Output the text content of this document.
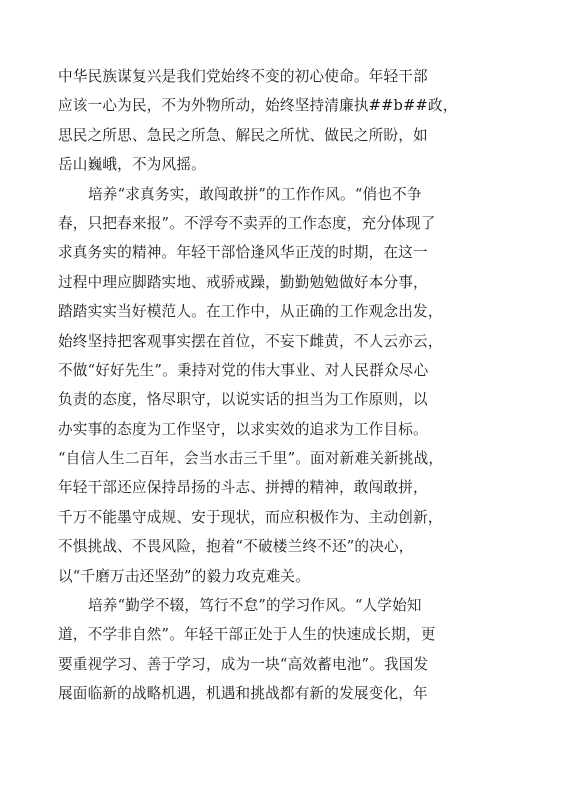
中华民族谋复兴是我们党始终不变的初心使命。年轻干部
应该一心为民，不为外物所动，始终坚持清廉执##b##政，
思民之所思、急民之所急、解民之所忧、做民之所盼，如
岳山巍峨，不为风摇。
培养“求真务实，敢闯敢拼”的工作作风。“俏也不争
春，只把春来报”。不浮夸不卖弄的工作态度，充分体现了
求真务实的精神。年轻干部恰逢风华正茂的时期，在这一
过程中理应脚踏实地、戒骄戒躁，勤勤勉勉做好本分事，
踏踏实实当好模范人。在工作中，从正确的工作观念出发，
始终坚持把客观事实摆在首位，不妄下雌黄，不人云亦云，
不做“好好先生”。秉持对党的伟大事业、对人民群众尽心
负责的态度，恪尽职守，以说实话的担当为工作原则，以
办实事的态度为工作坚守，以求实效的追求为工作目标。
“自信人生二百年，会当水击三千里”。面对新难关新挑战，
年轻干部还应保持昂扬的斗志、拼搏的精神，敢闯敢拼，
千万不能墨守成规、安于现状，而应积极作为、主动创新，
不惧挑战、不畏风险，抱着“不破楼兰终不还”的决心，
以“千磨万击还坚劲”的毅力攻克难关。
培养“勤学不辍，笃行不怠”的学习作风。“人学始知
道，不学非自然”。年轻干部正处于人生的快速成长期，更
要重视学习、善于学习，成为一块“高效蓄电池”。我国发
展面临新的战略机遇，机遇和挑战都有新的发展变化，年
